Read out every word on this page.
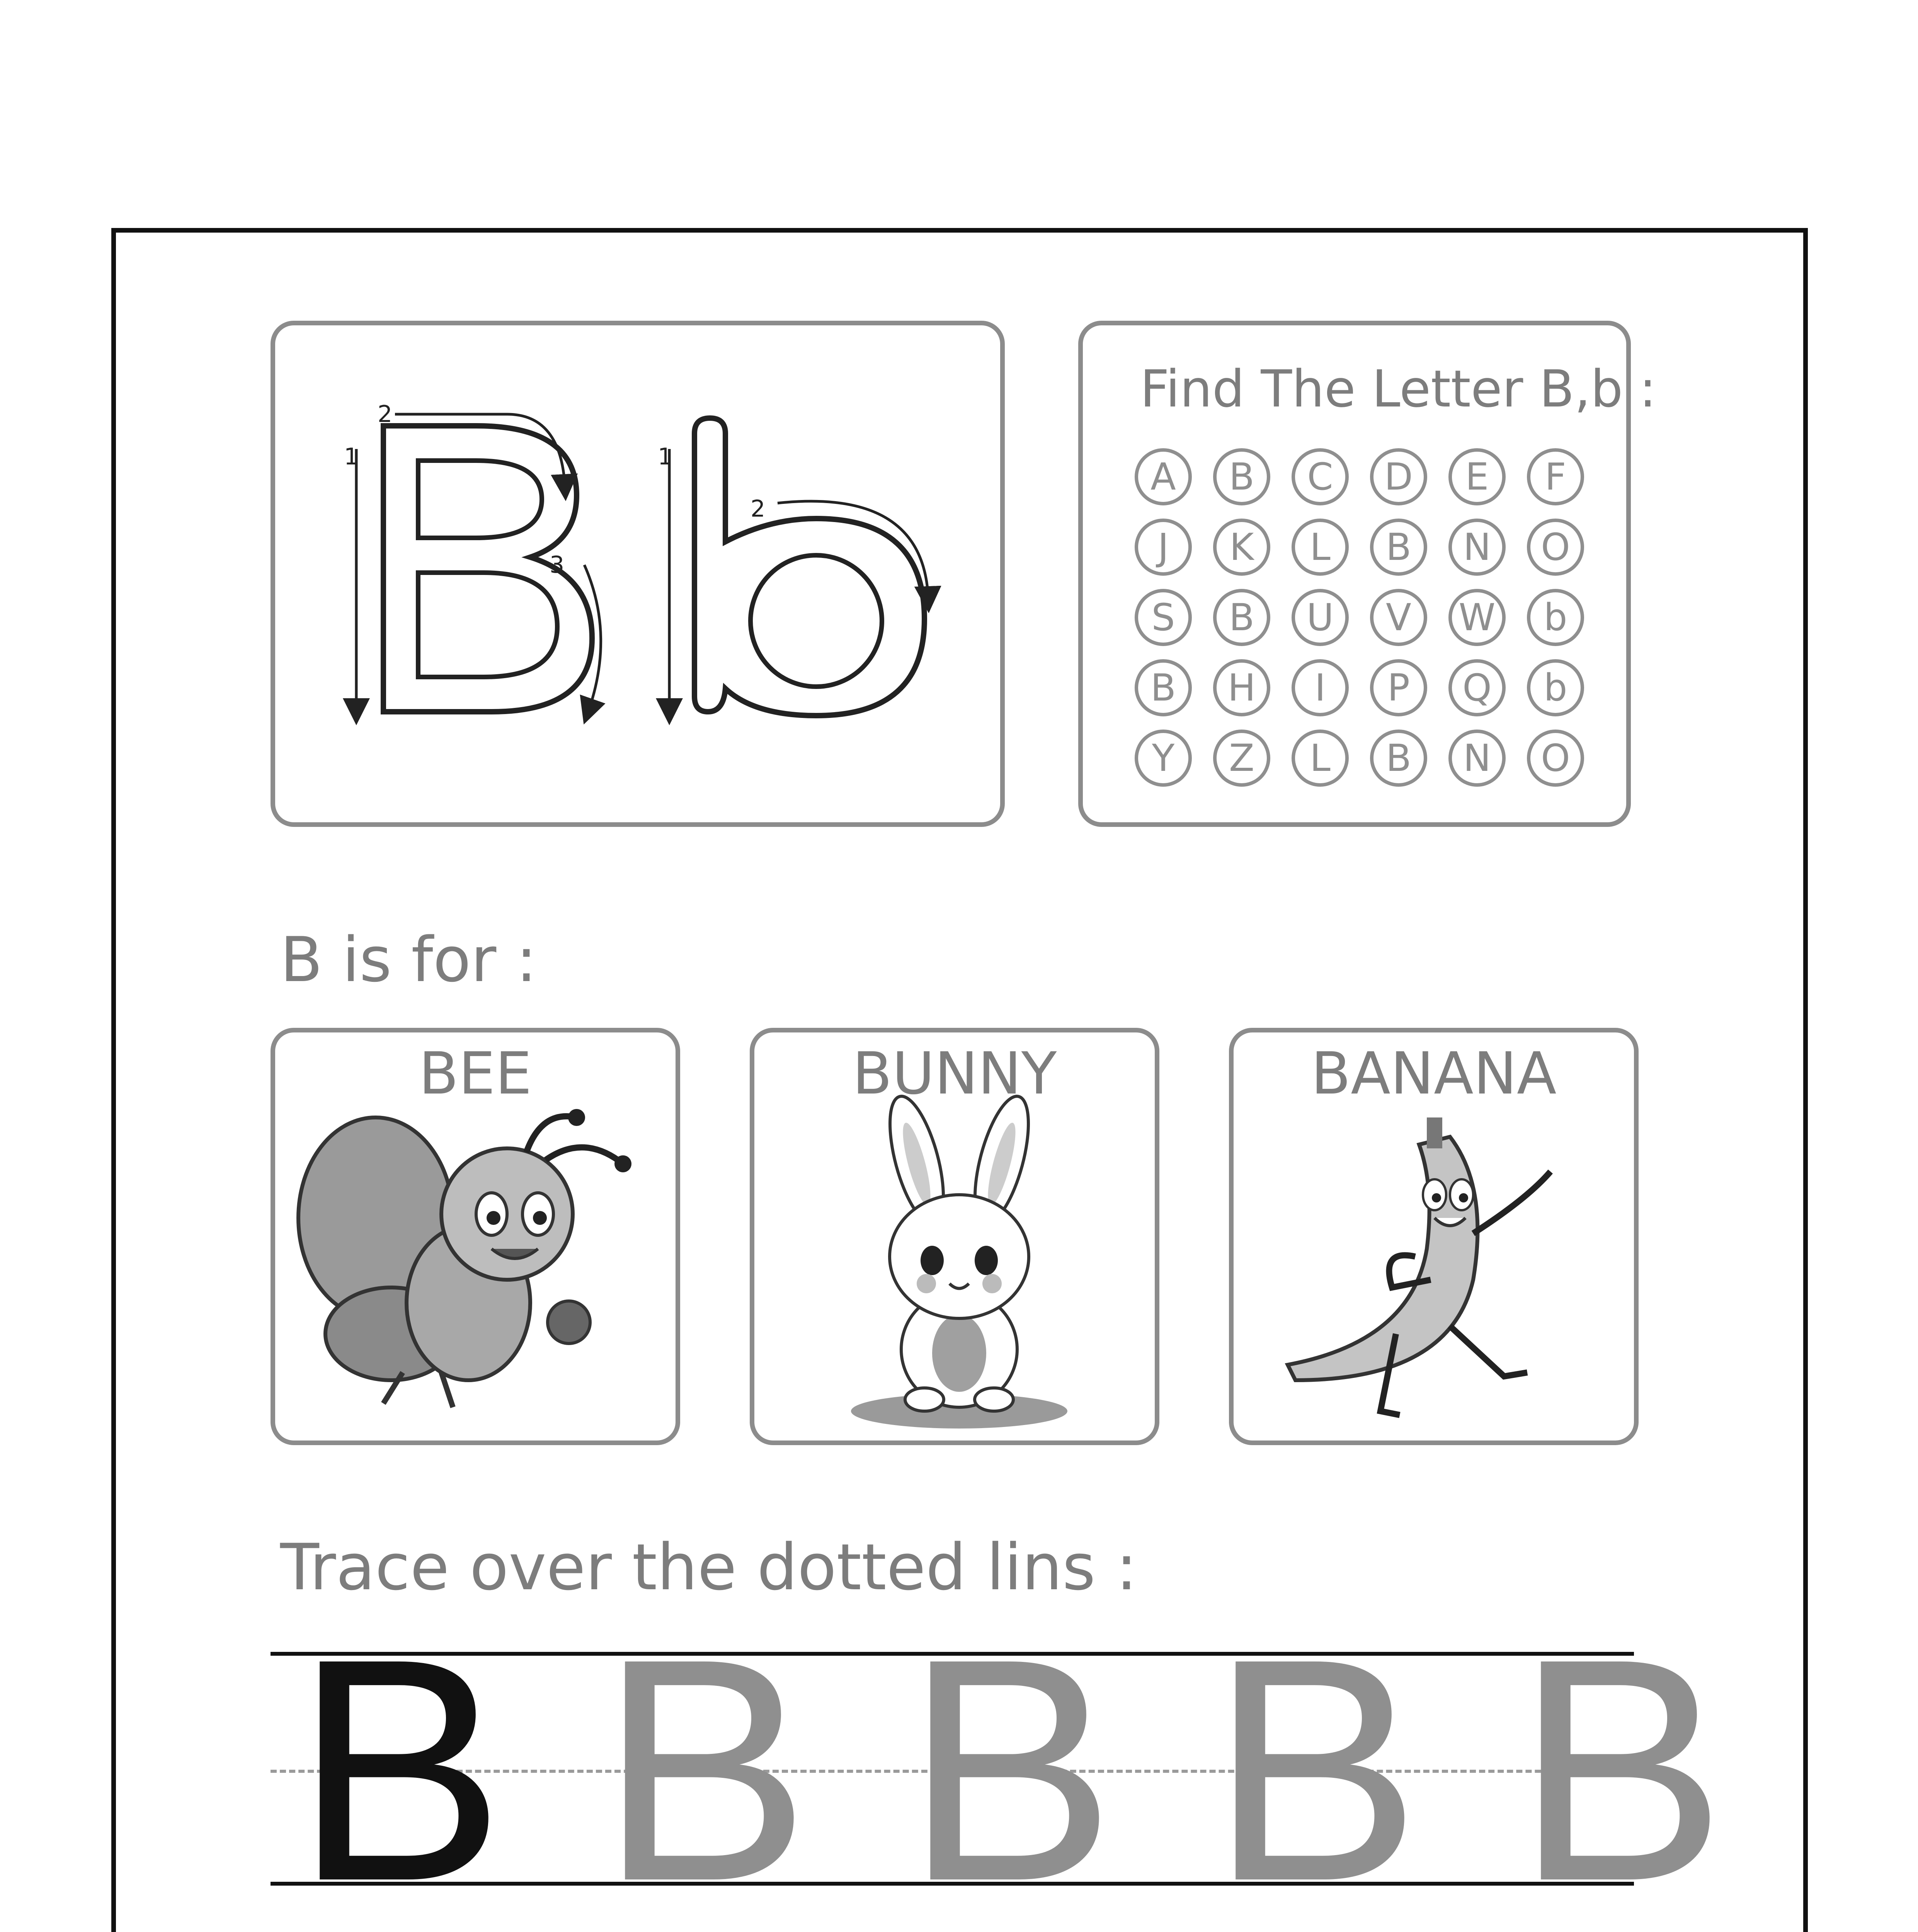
1
2
3
1
2
Find The Letter B,b :
A	B	C	D	E	F
J	K	L	B	N	O
S	B	U	V	W	b
B	H	I	P	Q	b
Y	Z	L	B	N	O
B is for :
BEE	BUNNY	BANANA
Trace over the dotted lins :
B B B B B
